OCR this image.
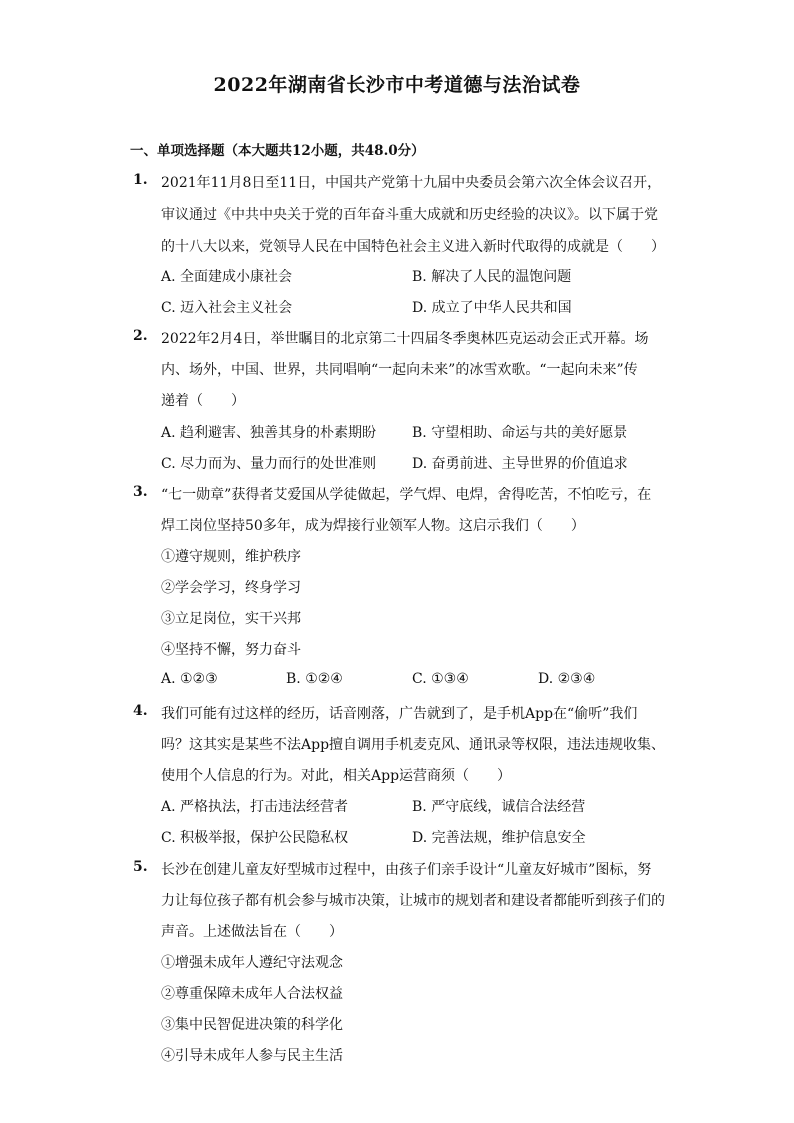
2022年湖南省长沙市中考道德与法治试卷
一、单项选择题（本大题共12小题，共48.0分）
1. 2021年11月8日至11日，中国共产党第十九届中央委员会第六次全体会议召开，
审议通过《中共中央关于党的百年奋斗重大成就和历史经验的决议》。以下属于党
的十八大以来，党领导人民在中国特色社会主义进入新时代取得的成就是（　　）
A. 全面建成小康社会	B. 解决了人民的温饱问题
C. 迈入社会主义社会	D. 成立了中华人民共和国
2. 2022年2月4日，举世瞩目的北京第二十四届冬季奥林匹克运动会正式开幕。场
内、场外，中国、世界，共同唱响“一起向未来”的冰雪欢歌。“一起向未来”传
递着（　　）
A. 趋利避害、独善其身的朴素期盼	B. 守望相助、命运与共的美好愿景
C. 尽力而为、量力而行的处世准则	D. 奋勇前进、主导世界的价值追求
3. “七一勋章”获得者艾爱国从学徒做起，学气焊、电焊，舍得吃苦，不怕吃亏，在
焊工岗位坚持50多年，成为焊接行业领军人物。这启示我们（　　）
①遵守规则，维护秩序
②学会学习，终身学习
③立足岗位，实干兴邦
④坚持不懈，努力奋斗
A. ①②③	B. ①②④	C. ①③④	D. ②③④
4. 我们可能有过这样的经历，话音刚落，广告就到了，是手机App在“偷听”我们
吗？这其实是某些不法App擅自调用手机麦克风、通讯录等权限，违法违规收集、
使用个人信息的行为。对此，相关App运营商须（　　）
A. 严格执法，打击违法经营者	B. 严守底线，诚信合法经营
C. 积极举报，保护公民隐私权	D. 完善法规，维护信息安全
5. 长沙在创建儿童友好型城市过程中，由孩子们亲手设计“儿童友好城市”图标，努
力让每位孩子都有机会参与城市决策，让城市的规划者和建设者都能听到孩子们的
声音。上述做法旨在（　　）
①增强未成年人遵纪守法观念
②尊重保障未成年人合法权益
③集中民智促进决策的科学化
④引导未成年人参与民主生活
